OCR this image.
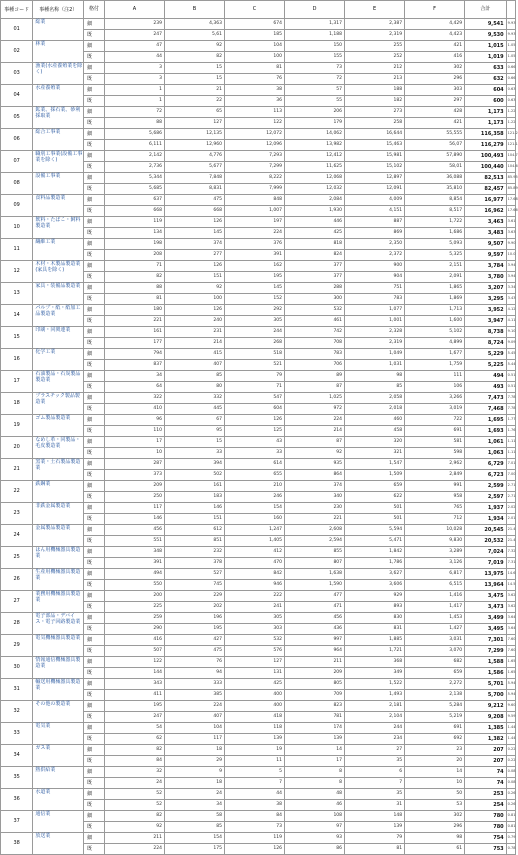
事種コード	事種名称（注2）	格付	A	B	C	D	E	F	合計	
01	総業	細	239	4,363	674	1,317	2,387	4,429	9,541	9.93
		既	247	5,61	185	1,188	2,319	4,423	9,530	9.93
02	林業	細	47	92	104	150	255	421	1,015	1.05
		既	44	82	100	155	252	416	1,019	1.05
03	漁業(水産養殖業を除く)	細	3	15	81	73	212	302	633	0.66
		既	3	15	76	72	213	296	632	0.66
04	水産養殖業	細	1	21	38	57	188	303	604	0.63
		既	1	22	36	55	182	297	600	0.63
05	鉱業、採石業、砂利採取業	細	72	65	113	206	273	428	1,173	1.22
		既	88	127	122	179	258	421	1,173	1.22
06	総合工事業	細	5,686	12,135	12,072	14,062	16,644	55,555	116,358	121.2
		既	6,111	12,960	12,096	13,982	15,463	56,07	116,279	121.1
07	職別工事業(設備工事業を除く)	細	2,142	4,776	7,293	12,412	15,981	57,890	100,493	104.7
		既	2,736	5,677	7,299	11,625	15,102	58,01	100,440	104.6
08	設備工事業	細	5,344	7,848	8,222	12,068	12,897	36,088	82,513	85.95
		既	5,685	8,831	7,999	12,032	12,091	35,810	82,457	85.89
09	食料品製造業	細	637	475	848	2,084	4,009	8,854	16,977	17.68
		既	668	668	1,007	1,930	4,151	8,517	16,962	17.66
10	飲料・たばこ・飼料製造業	細	119	126	197	446	887	1,722	3,463	3.61
		既	134	145	224	425	869	1,686	3,483	3.63
11	繊維工業	細	198	374	376	818	2,350	5,093	9,507	9.90
		既	208	277	391	824	2,372	5,325	9,597	10.0
12	木材・木製品製造業(家具を除く)	細	71	126	162	377	900	2,151	3,784	3.94
		既	82	151	195	377	904	2,091	3,780	3.94
13	家具・装備品製造業	細	88	92	145	288	751	1,865	3,207	3.34
		既	81	100	152	300	783	1,869	3,295	3.43
14	パルプ・紙・紙加工品製造業	細	180	126	292	532	1,077	1,713	3,952	4.12
		既	221	240	305	461	1,001	1,600	3,947	4.11
15	印刷・同関連業	細	161	231	244	742	2,328	5,102	8,738	9.10
		既	177	214	268	708	2,319	4,899	8,724	9.09
16	化学工業	細	794	415	518	783	1,049	1,677	5,229	5.45
		既	837	407	521	706	1,031	1,759	5,225	5.44
17	石油製品・石炭製品製造業	細	34	85	79	89	98	111	494	0.51
		既	64	80	71	87	85	106	493	0.51
18	プラスチック製品製造業	細	322	332	547	1,025	2,058	3,266	7,473	7.78
		既	410	445	604	972	2,018	3,019	7,468	7.78
19	ゴム製品製造業	細	96	67	126	224	460	722	1,695	1.77
		既	110	95	125	214	458	691	1,693	1.76
20	なめし革・同製品・毛皮製造業	細	17	15	43	87	320	581	1,061	1.11
		既	10	33	33	92	321	598	1,063	1.11
21	窯業・土石製品製造業	細	287	394	614	935	1,547	2,962	6,729	7.01
		既	373	502	655	864	1,509	2,849	6,723	7.00
22	鉄鋼業	細	209	161	210	374	659	991	2,599	2.71
		既	250	183	246	340	622	958	2,597	2.71
23	非鉄金属製造業	細	117	146	154	230	501	765	1,937	2.02
		既	146	151	160	221	501	712	1,934	2.01
24	金属製品製造業	細	456	612	1,247	2,608	5,594	10,028	20,545	21.4
		既	551	851	1,405	2,594	5,471	9,830	20,532	21.4
25	はん用機械器具製造業	細	348	232	412	855	1,842	3,289	7,024	7.32
		既	391	378	470	807	1,786	3,126	7,019	7.31
26	生産用機械器具製造業	細	494	527	842	1,638	3,627	6,817	13,975	14.6
		既	550	745	946	1,590	3,606	6,515	13,964	14.5
27	業務用機械器具製造業	細	200	229	222	477	929	1,416	3,475	3.62
		既	225	202	241	471	893	1,417	3,473	3.62
28	電子部品・デバイス・電子回路製造業	細	259	196	305	456	830	1,453	3,499	3.64
		既	290	195	303	436	831	1,427	3,495	3.64
29	電気機械器具製造業	細	416	427	532	997	1,885	3,031	7,301	7.60
		既	507	475	576	964	1,721	3,070	7,299	7.60
30	情報通信機械器具製造業	細	122	76	127	211	368	682	1,588	1.65
		既	144	94	131	209	349	659	1,586	1.65
31	輸送用機械器具製造業	細	343	333	425	805	1,522	2,272	5,701	5.94
		既	411	385	400	709	1,493	2,138	5,700	5.94
32	その他の製造業	細	195	224	400	823	2,181	5,284	9,212	9.60
		既	247	407	418	781	2,104	5,219	9,208	9.59
33	電気業	細	54	104	118	174	244	691	1,385	1.44
		既	62	117	139	139	234	692	1,382	1.44
34	ガス業	細	82	18	19	14	27	23	207	0.22
		既	84	29	11	17	35	20	207	0.22
35	熱供給業	細	32	9	5	8	6	14	74	0.08
		既	24	18	7	8	7	10	74	0.08
36	水道業	細	52	24	44	48	35	50	253	0.26
		既	52	34	38	46	31	53	254	0.26
37	通信業	細	82	58	84	108	148	302	780	0.81
		既	92	85	73	97	139	296	780	0.81
38	放送業	細	211	154	119	93	79	98	754	0.79
		既	224	175	126	86	81	61	753	0.78
